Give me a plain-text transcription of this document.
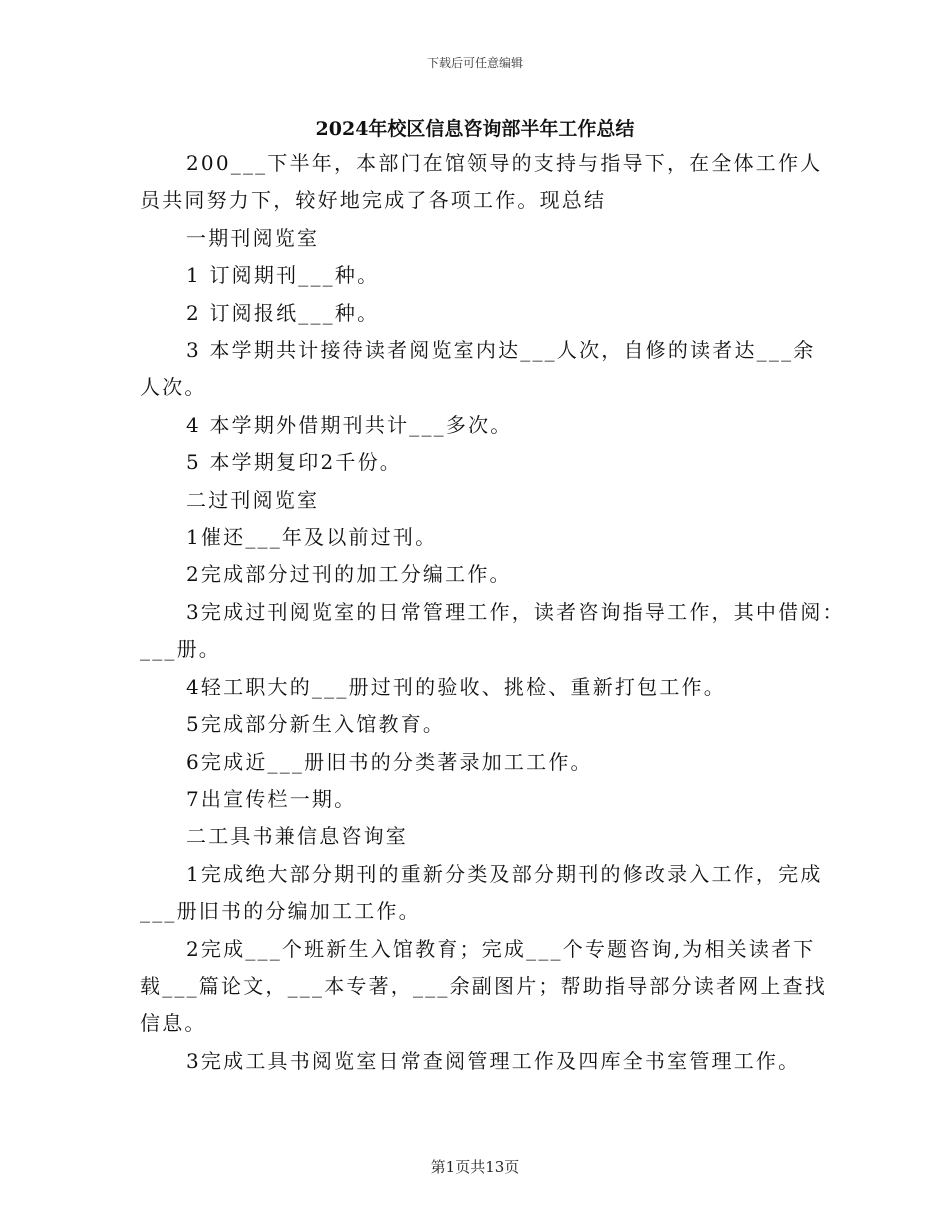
下载后可任意编辑
2024年校区信息咨询部半年工作总结

200___下半年，本部门在馆领导的支持与指导下，在全体工作人

员共同努力下，较好地完成了各项工作。现总结

一期刊阅览室

1 订阅期刊___种。

2 订阅报纸___种。

3 本学期共计接待读者阅览室内达___人次，自修的读者达___余

人次。

4 本学期外借期刊共计___多次。

5 本学期复印2千份。

二过刊阅览室

1催还___年及以前过刊。

2完成部分过刊的加工分编工作。

3完成过刊阅览室的日常管理工作，读者咨询指导工作，其中借阅：

___册。

4轻工职大的___册过刊的验收、挑检、重新打包工作。

5完成部分新生入馆教育。

6完成近___册旧书的分类著录加工工作。

7出宣传栏一期。

二工具书兼信息咨询室

1完成绝大部分期刊的重新分类及部分期刊的修改录入工作，完成

___册旧书的分编加工工作。

2完成___个班新生入馆教育；完成___个专题咨询,为相关读者下

载___篇论文，___本专著，___余副图片；帮助指导部分读者网上查找

信息。

3完成工具书阅览室日常查阅管理工作及四库全书室管理工作。

第1页共13页
